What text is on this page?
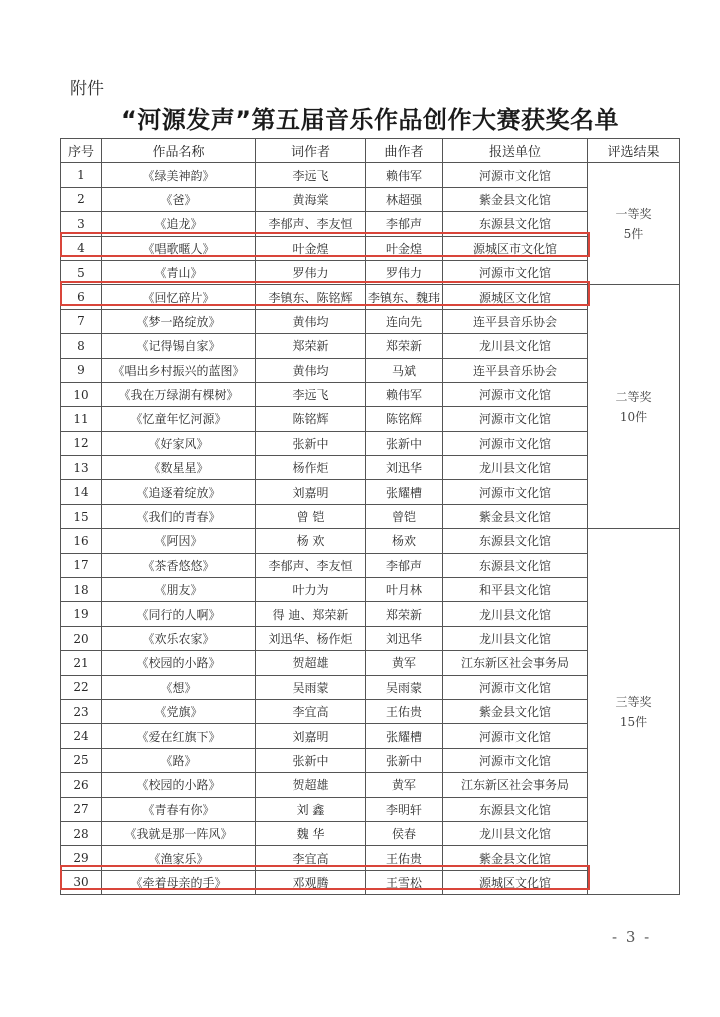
附件
“河源发声”第五届音乐作品创作大赛获奖名单
序号	作品名称	词作者	曲作者	报送单位	评选结果
1	《绿美神韵》	李远飞	赖伟军	河源市文化馆	一等奖
5件

2	《爸》	黄海棠	林超强	紫金县文化馆	
3	《追龙》	李郁声、李友恒	李郁声	东源县文化馆	
4	《唱歌暱人》	叶金煌	叶金煌	源城区市文化馆	
5	《青山》	罗伟力	罗伟力	河源市文化馆	
6	《回忆碎片》	李镇东、陈铭辉	李镇东、魏玮	源城区文化馆	二等奖
10件

7	《梦一路绽放》	黄伟均	连向先	连平县音乐协会	
8	《记得锡自家》	郑荣新	郑荣新	龙川县文化馆	
9	《唱出乡村振兴的蓝图》	黄伟均	马斌	连平县音乐协会	
10	《我在万绿湖有棵树》	李远飞	赖伟军	河源市文化馆	
11	《忆童年忆河源》	陈铭辉	陈铭辉	河源市文化馆	
12	《好家风》	张新中	张新中	河源市文化馆	
13	《数星星》	杨作炬	刘迅华	龙川县文化馆	
14	《追逐着绽放》	刘嘉明	张耀槽	河源市文化馆	
15	《我们的青春》	曾 铠	曾铠	紫金县文化馆	
16	《阿因》	杨 欢	杨欢	东源县文化馆	三等奖
15件

17	《茶香悠悠》	李郁声、李友恒	李郁声	东源县文化馆	
18	《朋友》	叶力为	叶月林	和平县文化馆	
19	《同行的人啊》	得 迪、郑荣新	郑荣新	龙川县文化馆	
20	《欢乐农家》	刘迅华、杨作炬	刘迅华	龙川县文化馆	
21	《校园的小路》	贺超雄	黄军	江东新区社会事务局	
22	《想》	吴雨蒙	吴雨蒙	河源市文化馆	
23	《党旗》	李宜高	王佑贵	紫金县文化馆	
24	《爱在红旗下》	刘嘉明	张耀槽	河源市文化馆	
25	《路》	张新中	张新中	河源市文化馆	
26	《校园的小路》	贺超雄	黄军	江东新区社会事务局	
27	《青春有你》	刘 鑫	李明轩	东源县文化馆	
28	《我就是那一阵风》	魏 华	侯春	龙川县文化馆	
29	《渔家乐》	李宜高	王佑贵	紫金县文化馆	
30	《牵着母亲的手》	邓观腾	王雪松	源城区文化馆	
- 3 -
